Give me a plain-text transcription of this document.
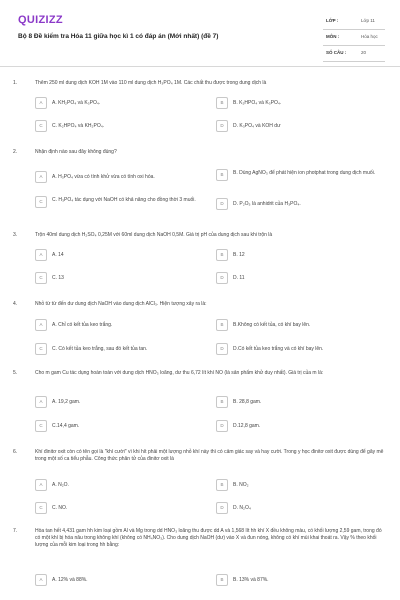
QUIZIZZ
Bộ 8 Đề kiểm tra Hóa 11 giữa học kì 1 có đáp án (Mới nhất) (đề 7)
LỚP :	Lớp 11
MÔN :	Hóa học
SỐ CÂU :	20
1.	Thêm 250 ml dung dịch KOH 1M vào 110 ml dung dịch H₃PO₄ 1M. Các chất thu được trong dung dịch là
A	A. KH₂PO₄ và K₃PO₄.	B	B. K₂HPO₄ và K₃PO₄.
C	C. K₂HPO₄ và KH₂PO₄.	D	D. K₃PO₄ và KOH dư
2.	Nhận định nào sau đây không đúng?
A	A. H₃PO₄ vừa có tính khử vừa có tính oxi hóa.	B	B. Dùng AgNO₃ để phát hiện ion photphat trong dung dịch muối.
C	C. H₃PO₄ tác dụng với NaOH có khả năng cho đồng thời 3 muối.
D	D. P₂O₅ là anhidrit của H₃PO₄.
3.	Trộn 40ml dung dịch H₂SO₄ 0,25M với 60ml dung dịch NaOH 0,5M. Giá trị pH của dung dịch sau khi trộn là
A	A. 14	B	B. 12
C	C. 13	D	D. 11
4.	Nhỏ từ từ đến dư dung dịch NaOH vào dung dịch AlCl₃. Hiện tượng xảy ra là:
A	A. Chỉ có kết tủa keo trắng.	B	B.Không có kết tủa, có khí bay lên.
C	C. Có kết tủa keo trắng, sau đó kết tủa tan.	D	D.Có kết tủa keo trắng và có khí bay lên.
5.	Cho m gam Cu tác dụng hoàn toàn với dung dịch HNO₃ loãng, dư thu 6,72 lít khí NO (là sản phẩm khử duy nhất). Giá trị của m là:
A	A. 19,2 gam.	B	B. 28,8 gam.
C	C.14,4 gam.	D	D.12,8 gam.
6.	Khí đinitơ oxit còn có tên gọi là "khí cười" vì khi hít phải một lượng nhỏ khí này thì có cảm giác say và hay cười. Trong y học đinitơ oxit được dùng để gây mê trong một số ca tiểu phẫu. Công thức phân tử của đinitơ oxit là
A	A. N₂O.	B	B. NO₂
C	C. NO.	D	D. N₂O₄
7.	Hòa tan hết 4,431 gam hh kim loại gồm Al và Mg trong dd HNO₃ loãng thu được dd A và 1,568 lít hh khí X đều không màu, có khối lượng 2,59 gam, trong đó có một khí bị hóa nâu trong không khí (không có NH₄NO₃). Cho dung dịch NaOH (dư) vào X và đun nóng, không có khí mùi khai thoát ra. Vậy % theo khối lượng của mỗi kim loại trong hh bằng:
A	A. 12% và 88%.	B	B. 13% và 87%.
